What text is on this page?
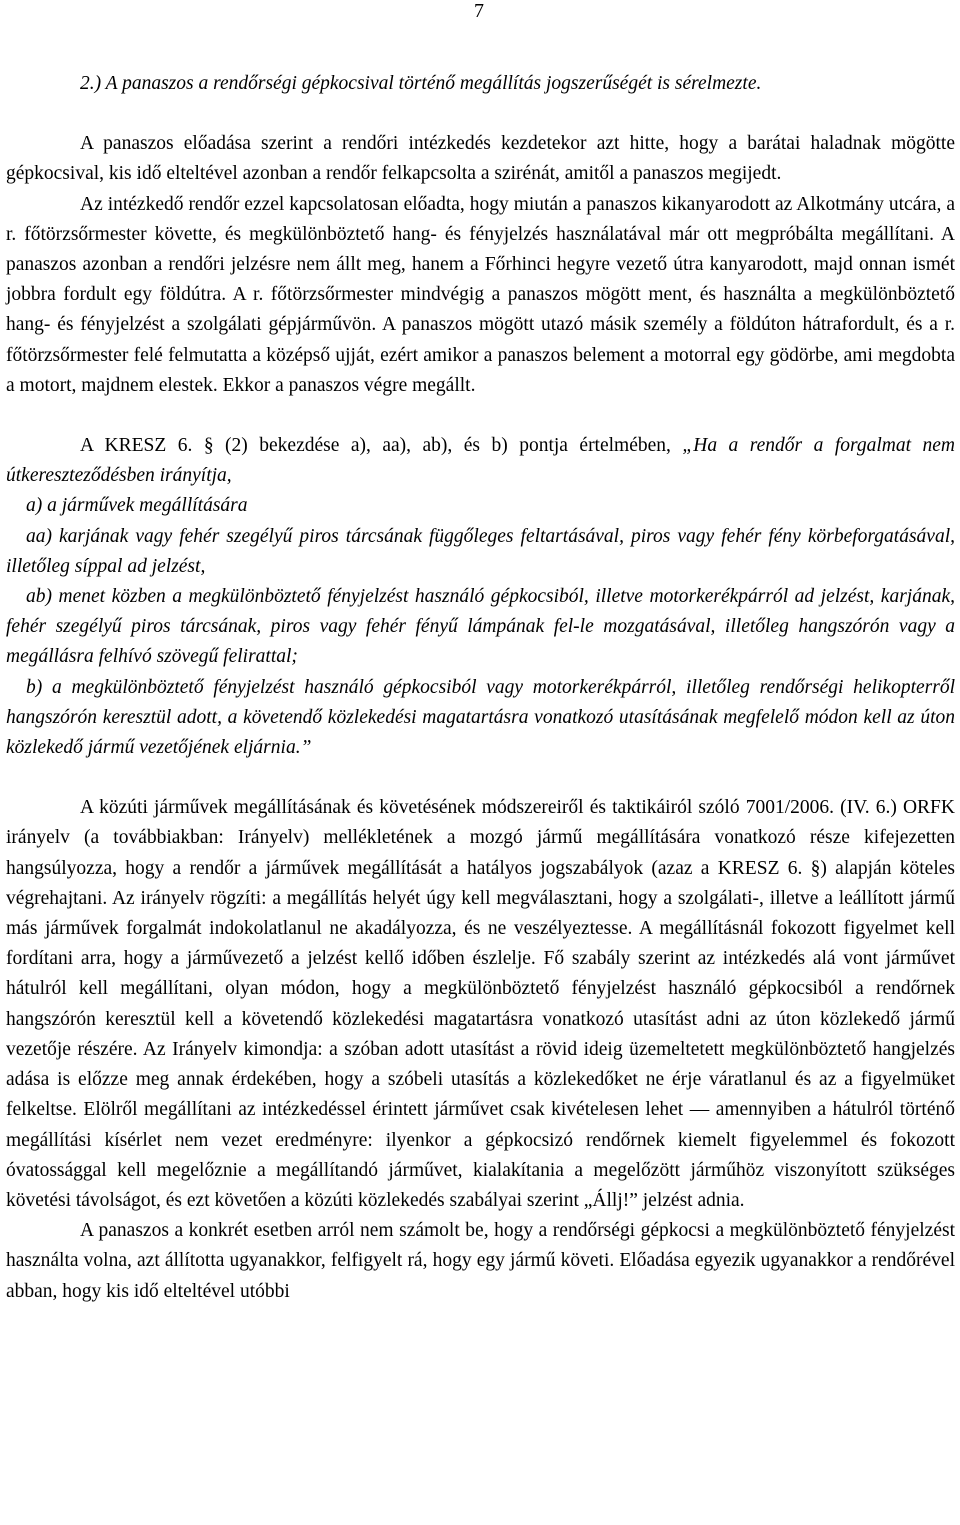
7

2.) A panaszos a rendőrségi gépkocsival történő megállítás jogszerűségét is sérelmezte.

A panaszos előadása szerint a rendőri intézkedés kezdetekor azt hitte, hogy a barátai haladnak mögötte gépkocsival, kis idő elteltével azonban a rendőr felkapcsolta a szirénát, amitől a panaszos megijedt.

Az intézkedő rendőr ezzel kapcsolatosan előadta, hogy miután a panaszos kikanyarodott az Alkotmány utcára, a r. főtörzsőrmester követte, és megkülönböztető hang- és fényjelzés használatával már ott megpróbálta megállítani. A panaszos azonban a rendőri jelzésre nem állt meg, hanem a Főrhinci hegyre vezető útra kanyarodott, majd onnan ismét jobbra fordult egy földútra. A r. főtörzsőrmester mindvégig a panaszos mögött ment, és használta a megkülönböztető hang- és fényjelzést a szolgálati gépjárművön. A panaszos mögött utazó másik személy a földúton hátrafordult, és a r. főtörzsőrmester felé felmutatta a középső ujját, ezért amikor a panaszos belement a motorral egy gödörbe, ami megdobta a motort, majdnem elestek. Ekkor a panaszos végre megállt.

A KRESZ 6. § (2) bekezdése a), aa), ab), és b) pontja értelmében, „Ha a rendőr a forgalmat nem útkereszteződésben irányítja,

a) a járművek megállítására

aa) karjának vagy fehér szegélyű piros tárcsának függőleges feltartásával, piros vagy fehér fény körbeforgatásával, illetőleg síppal ad jelzést,

ab) menet közben a megkülönböztető fényjelzést használó gépkocsiból, illetve motorkerékpárról ad jelzést, karjának, fehér szegélyű piros tárcsának, piros vagy fehér fényű lámpának fel-le mozgatásával, illetőleg hangszórón vagy a megállásra felhívó szövegű felirattal;

b) a megkülönböztető fényjelzést használó gépkocsiból vagy motorkerékpárról, illetőleg rendőrségi helikopterről hangszórón keresztül adott, a követendő közlekedési magatartásra vonatkozó utasításának megfelelő módon kell az úton közlekedő jármű vezetőjének eljárnia.”

A közúti járművek megállításának és követésének módszereiről és taktikáiról szóló 7001/2006. (IV. 6.) ORFK irányelv (a továbbiakban: Irányelv) mellékletének a mozgó jármű megállítására vonatkozó része kifejezetten hangsúlyozza, hogy a rendőr a járművek megállítását a hatályos jogszabályok (azaz a KRESZ 6. §) alapján köteles végrehajtani. Az irányelv rögzíti: a megállítás helyét úgy kell megválasztani, hogy a szolgálati-, illetve a leállított jármű más járművek forgalmát indokolatlanul ne akadályozza, és ne veszélyeztesse. A megállításnál fokozott figyelmet kell fordítani arra, hogy a járművezető a jelzést kellő időben észlelje. Fő szabály szerint az intézkedés alá vont járművet hátulról kell megállítani, olyan módon, hogy a megkülönböztető fényjelzést használó gépkocsiból a rendőrnek hangszórón keresztül kell a követendő közlekedési magatartásra vonatkozó utasítást adni az úton közlekedő jármű vezetője részére. Az Irányelv kimondja: a szóban adott utasítást a rövid ideig üzemeltetett megkülönböztető hangjelzés adása is előzze meg annak érdekében, hogy a szóbeli utasítás a közlekedőket ne érje váratlanul és az a figyelmüket felkeltse. Elölről megállítani az intézkedéssel érintett járművet csak kivételesen lehet — amennyiben a hátulról történő megállítási kísérlet nem vezet eredményre: ilyenkor a gépkocsizó rendőrnek kiemelt figyelemmel és fokozott óvatossággal kell megelőznie a megállítandó járművet, kialakítania a megelőzött járműhöz viszonyított szükséges követési távolságot, és ezt követően a közúti közlekedés szabályai szerint „Állj!” jelzést adnia.

A panaszos a konkrét esetben arról nem számolt be, hogy a rendőrségi gépkocsi a megkülönböztető fényjelzést használta volna, azt állította ugyanakkor, felfigyelt rá, hogy egy jármű követi. Előadása egyezik ugyanakkor a rendőrével abban, hogy kis idő elteltével utóbbi
